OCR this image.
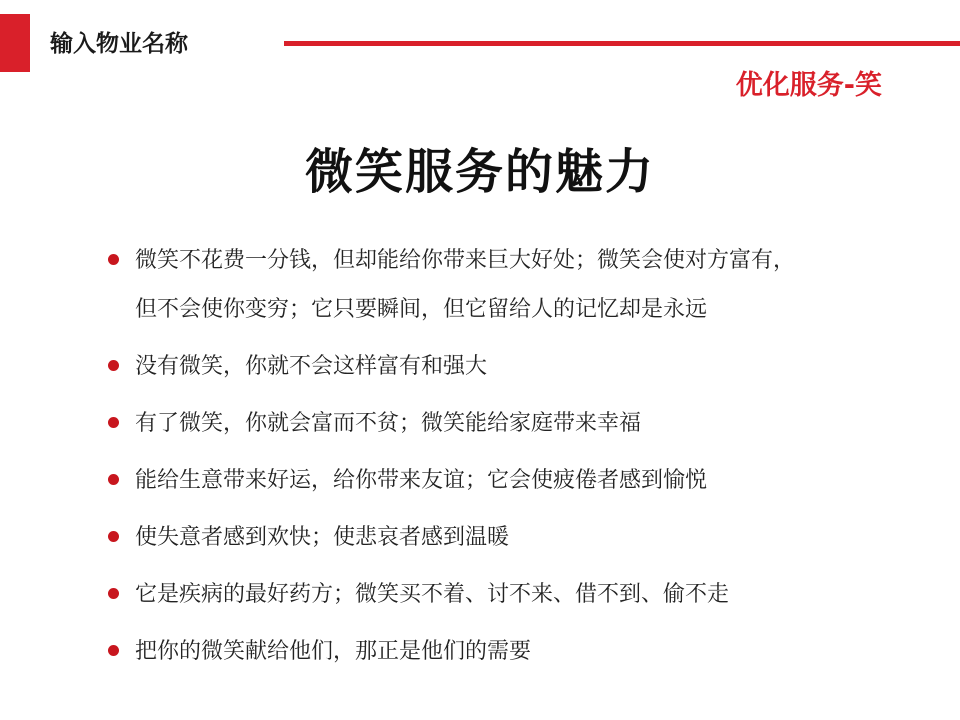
输入物业名称
优化服务-笑
微笑服务的魅力
微笑不花费一分钱，但却能给你带来巨大好处；微笑会使对方富有，
但不会使你变穷；它只要瞬间，但它留给人的记忆却是永远
没有微笑，你就不会这样富有和强大
有了微笑，你就会富而不贫；微笑能给家庭带来幸福
能给生意带来好运，给你带来友谊；它会使疲倦者感到愉悦
使失意者感到欢快；使悲哀者感到温暖
它是疾病的最好药方；微笑买不着、讨不来、借不到、偷不走
把你的微笑献给他们，那正是他们的需要
